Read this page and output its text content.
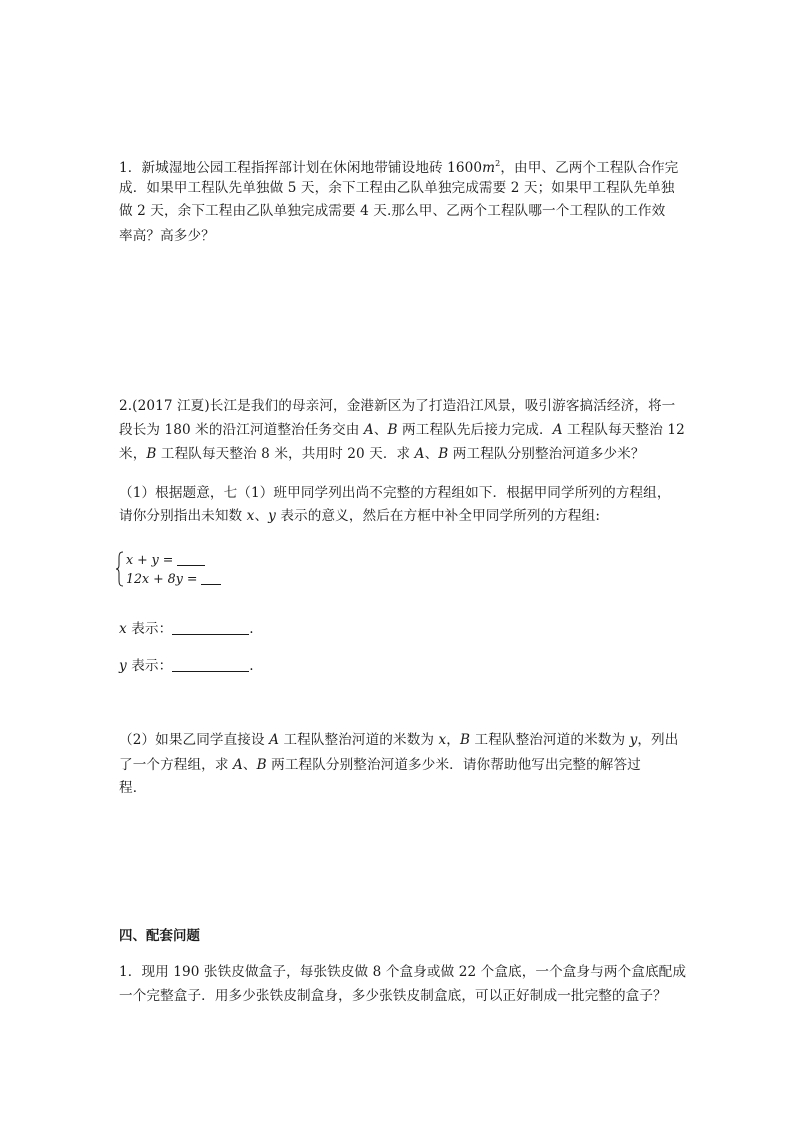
1．新城湿地公园工程指挥部计划在休闲地带铺设地砖 $1600m^2$，由甲、乙两个工程队合作完
成．如果甲工程队先单独做 5 天，余下工程由乙队单独完成需要 2 天；如果甲工程队先单独
做 2 天，余下工程由乙队单独完成需要 4 天.那么甲、乙两个工程队哪一个工程队的工作效
率高？高多少？
2.(2017 江夏)长江是我们的母亲河，金港新区为了打造沿江风景，吸引游客搞活经济，将一
段长为 180 米的沿江河道整治任务交由 A、B 两工程队先后接力完成．A 工程队每天整治 12
米，B 工程队每天整治 8 米，共用时 20 天．求 A、B 两工程队分别整治河道多少米？
（1）根据题意，七（1）班甲同学列出尚不完整的方程组如下．根据甲同学所列的方程组，
请你分别指出未知数 x、y 表示的意义，然后在方框中补全甲同学所列的方程组:
x + y =
12x + 8y =
x 表示：	.
y 表示：	.
（2）如果乙同学直接设 A 工程队整治河道的米数为 x，B 工程队整治河道的米数为 y，列出
了一个方程组，求 A、B 两工程队分别整治河道多少米．请你帮助他写出完整的解答过
程．
四、配套问题
1．现用 190 张铁皮做盒子，每张铁皮做 8 个盒身或做 22 个盒底，一个盒身与两个盒底配成
一个完整盒子．用多少张铁皮制盒身，多少张铁皮制盒底，可以正好制成一批完整的盒子？
